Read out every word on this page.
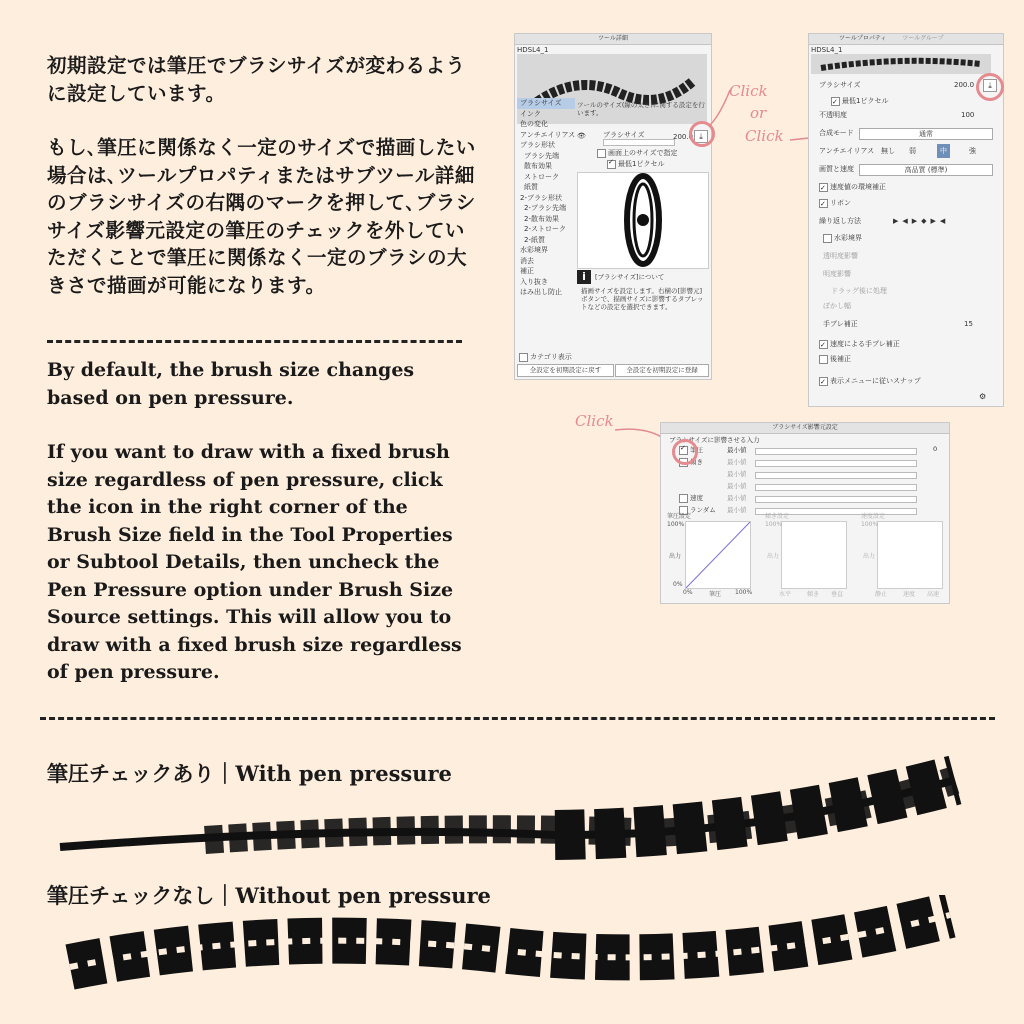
初期設定では筆圧でブラシサイズが変わるように設定しています。

もし､筆圧に関係なく一定のサイズで描画したい場合は､ツールプロパティまたはサブツール詳細のブラシサイズの右隅のマークを押して､ブラシサイズ影響元設定の筆圧のチェックを外していただくことで筆圧に関係なく一定のブラシの大きさで描画が可能になります。

By default, the brush size changes based on pen pressure.

If you want to draw with a fixed brush size regardless of pen pressure, click the icon in the right corner of the Brush Size field in the Tool Properties or Subtool Details, then uncheck the Pen Pressure option under Brush Size Source settings. This will allow you to draw with a fixed brush size regardless of pen pressure.

ツール詳細
HDSL4_1
ブラシサイズ
インク
色の変化
アンチエイリアス
ブラシ形状
ブラシ先端
散布効果
ストローク
紙質
2-ブラシ形状
2-ブラシ先端
2-散布効果
2-ストローク
2-紙質
水彩境界
消去
補正
入り抜き
はみ出し防止
ツールのサイズ(線の太さ)に関する設定を行います。
👁 ブラシサイズ	200.0 ⤓
画面上のサイズで指定
✓最低1ピクセル
i	[ブラシサイズ]について
描画サイズを設定します。右横の[影響元]ボタンで、描画サイズに影響するタブレットなどの設定を選択できます。
カテゴリ表示
全設定を初期設定に戻す	全設定を初期設定に登録
Click
or
Click
ツールプロパティ	ツールグループ
HDSL4_1
ブラシサイズ	200.0	⤓
✓最低1ピクセル
不透明度	100
合成モード	通常
アンチエイリアス 無し 弱	中	強
画質と速度	高品質 (標準)
✓速度値の環境補正
✓リボン
繰り返し方法	▶◀▶◆▶◀
水彩境界
透明度影響
明度影響
ドラッグ後に処理
ぼかし幅
手ブレ補正	15
✓速度による手ブレ補正
後補正
✓表示メニューに従いスナップ
⚙
Click	ブラシサイズ影響元設定
ブラシサイズに影響させる入力
✓筆圧	最小値	0
傾き	最小値
最小値
最小値
速度	最小値
ランダム 最小値
筆圧設定	傾き設定	速度設定
100%
出力
0%
100%
出力
100%
出力
0%	筆圧 100%	水平	傾き 垂直	静止	速度 高速
筆圧チェックあり｜With pen pressure
筆圧チェックなし｜Without pen pressure
